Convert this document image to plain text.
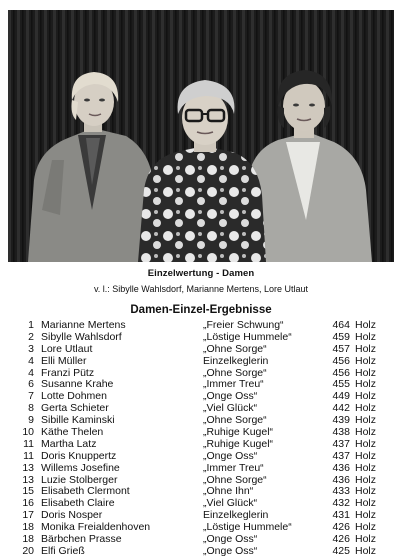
Einzelwertung - Damen
v. l.: Sibylle Wahlsdorf, Marianne Mertens, Lore Utlaut
Damen-Einzel-Ergebnisse
1 Marianne Mertens	„Freier Schwung“	464 Holz
2 Sibylle Wahlsdorf	„Löstige Hummele“	459 Holz
3 Lore Utlaut	„Ohne Sorge“	457 Holz
4 Elli Müller	Einzelkeglerin	456 Holz
4 Franzi Pütz	„Ohne Sorge“	456 Holz
6 Susanne Krahe	„Immer Treu“	455 Holz
7 Lotte Dohmen	„Onge Oss“	449 Holz
8 Gerta Schieter	„Viel Glück“	442 Holz
9 Sibille Kaminski	„Ohne Sorge“	439 Holz
10 Käthe Thelen	„Ruhige Kugel“	438 Holz
11 Martha Latz	„Ruhige Kugel“	437 Holz
11 Doris Knuppertz	„Onge Oss“	437 Holz
13 Willems Josefine	„Immer Treu“	436 Holz
13 Luzie Stolberger	„Ohne Sorge“	436 Holz
15 Elisabeth Clermont	„Ohne Ihn“	433 Holz
16 Elisabeth Claire	„Viel Glück“	432 Holz
17 Doris Nosper	Einzelkeglerin	431 Holz
18 Monika Freialdenhoven	„Löstige Hummele“	426 Holz
18 Bärbchen Prasse	„Onge Oss“	426 Holz
20 Elfi Grieß	„Onge Oss“	425 Holz
